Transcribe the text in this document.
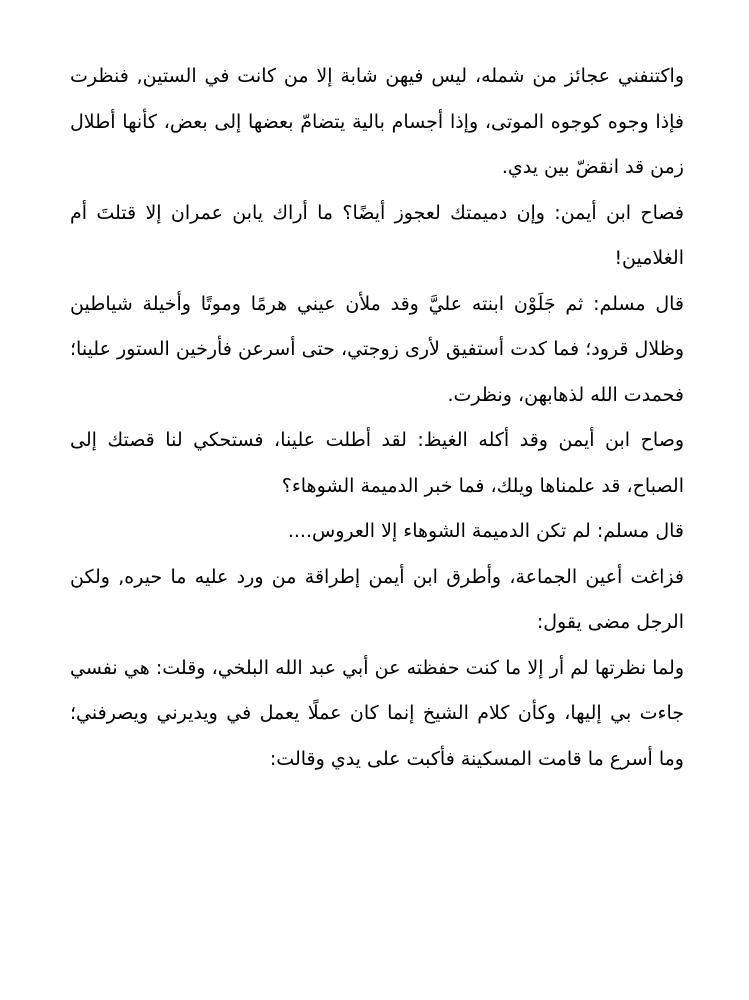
واكتنفني عجائز من شمله، ليس فيهن شابة إلا من كانت في الستين, فنظرت فإذا وجوه كوجوه الموتى، وإذا أجسام بالية يتضامّ بعضها إلى بعض، كأنها أطلال زمن قد انقضّ بين يدي.

فصاح ابن أيمن: وإن دميمتك لعجوز أيضًا؟ ما أراك يابن عمران إلا قتلتَ أم الغلامين!

قال مسلم: ثم جَلَوْن ابنته عليَّ وقد ملأن عيني هرمًا وموتًا وأخيلة شياطين وظلال قرود؛ فما كدت أستفيق لأرى زوجتي، حتى أسرعن فأرخين الستور علينا؛ فحمدت الله لذهابهن، ونظرت.

وصاح ابن أيمن وقد أكله الغيظ: لقد أطلت علينا، فستحكي لنا قصتك إلى الصباح، قد علمناها ويلك، فما خبر الدميمة الشوهاء؟

قال مسلم: لم تكن الدميمة الشوهاء إلا العروس....

فزاغت أعين الجماعة، وأطرق ابن أيمن إطراقة من ورد عليه ما حيره, ولكن الرجل مضى يقول:

ولما نظرتها لم أر إلا ما كنت حفظته عن أبي عبد الله البلخي، وقلت: هي نفسي جاءت بي إليها، وكأن كلام الشيخ إنما كان عملًا يعمل في ويديرني ويصرفني؛ وما أسرع ما قامت المسكينة فأكبت على يدي وقالت:
